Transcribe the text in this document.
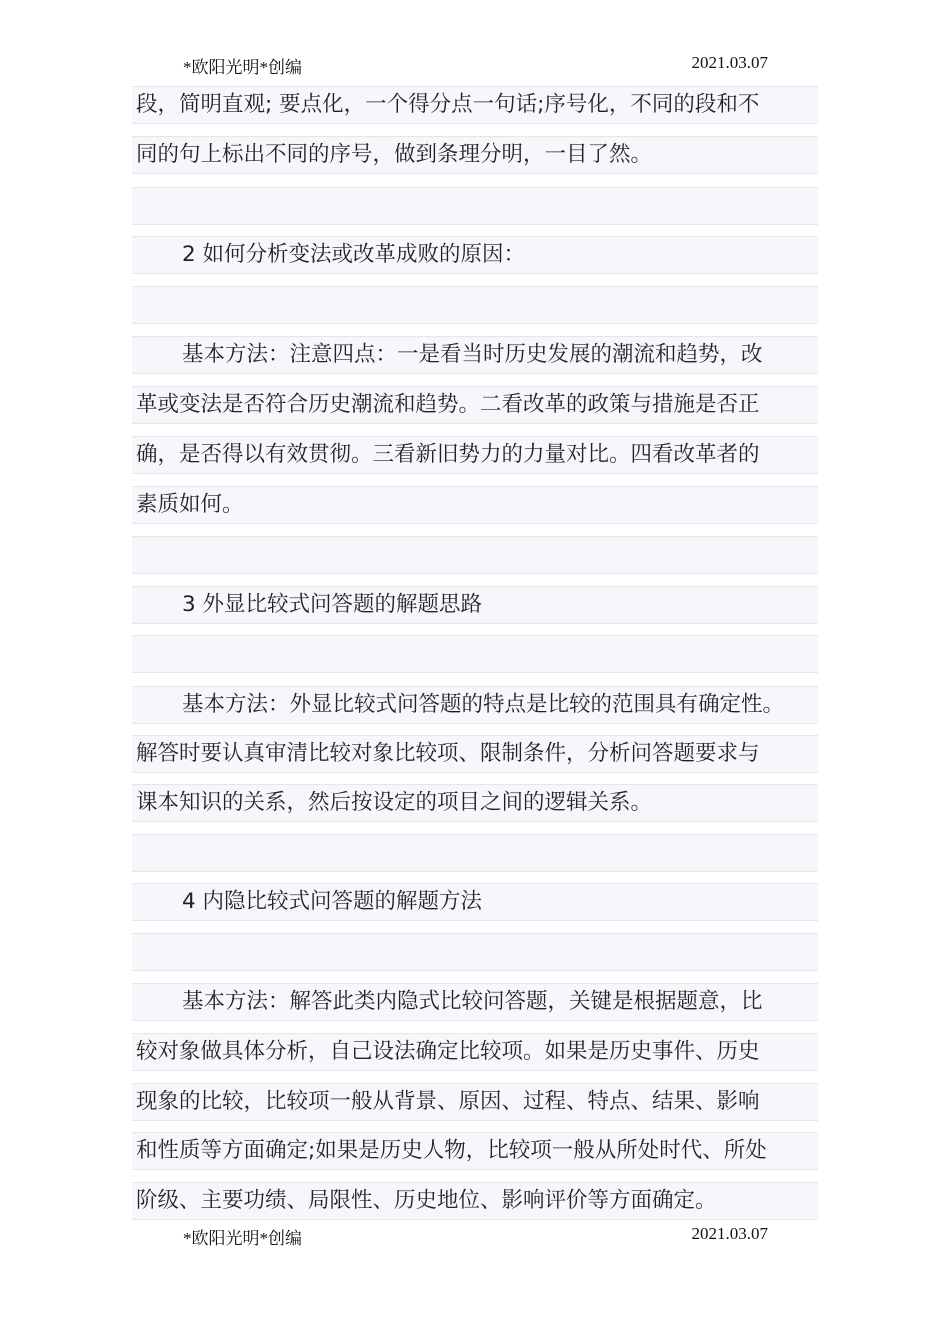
*欧阳光明*创编	2021.03.07
段，简明直观; 要点化，一个得分点一句话;序号化，不同的段和不
同的句上标出不同的序号，做到条理分明，一目了然。
2 如何分析变法或改革成败的原因：
基本方法：注意四点：一是看当时历史发展的潮流和趋势，改
革或变法是否符合历史潮流和趋势。二看改革的政策与措施是否正
确，是否得以有效贯彻。三看新旧势力的力量对比。四看改革者的
素质如何。
3 外显比较式问答题的解题思路
基本方法：外显比较式问答题的特点是比较的范围具有确定性。
解答时要认真审清比较对象比较项、限制条件，分析问答题要求与
课本知识的关系，然后按设定的项目之间的逻辑关系。
4 内隐比较式问答题的解题方法
基本方法：解答此类内隐式比较问答题，关键是根据题意，比
较对象做具体分析，自己设法确定比较项。如果是历史事件、历史
现象的比较，比较项一般从背景、原因、过程、特点、结果、影响
和性质等方面确定;如果是历史人物，比较项一般从所处时代、所处
阶级、主要功绩、局限性、历史地位、影响评价等方面确定。
*欧阳光明*创编	2021.03.07
